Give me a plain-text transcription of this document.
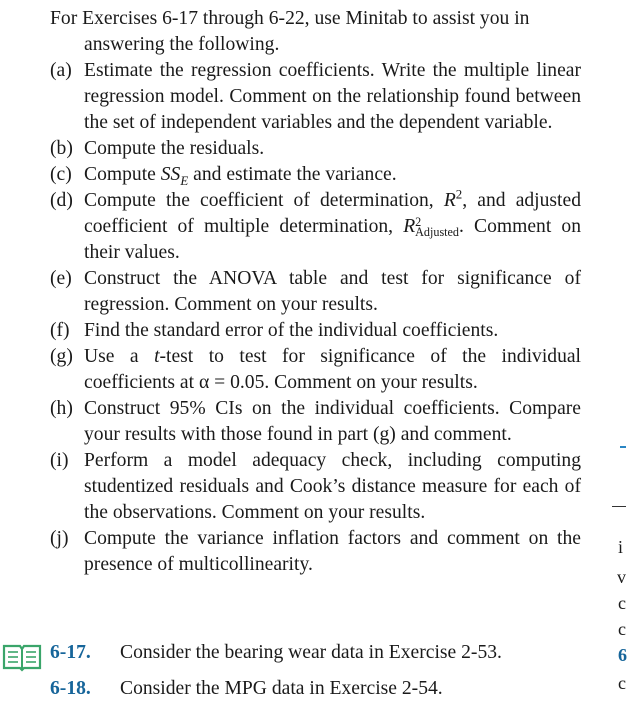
For Exercises 6-17 through 6-22, use Minitab to assist you in
answering the following.
(a) Estimate the regression coefficients. Write the multiple linear regression model. Comment on the relationship found between the set of independent variables and the dependent variable.
(b) Compute the residuals.
(c) Compute $SS_E$ and estimate the variance.
(d) Compute the coefficient of determination, $R^2$, and adjusted coefficient of multiple determination, R 2
Adjusted . Comment on their values.
(e) Construct the ANOVA table and test for significance of regression. Comment on your results.
(f) Find the standard error of the individual coefficients.
(g) Use a t-test to test for significance of the individual coefficients at α = 0.05. Comment on your results.
(h) Construct 95% CIs on the individual coefficients. Compare your results with those found in part (g) and comment.
(i) Perform a model adequacy check, including computing studentized residuals and Cook’s distance measure for each of the observations. Comment on your results.
(j) Compute the variance inflation factors and comment on the presence of multicollinearity.
6-17. Consider the bearing wear data in Exercise 2-53.
6-18. Consider the MPG data in Exercise 2-54.
i
v
c
c
6
c
